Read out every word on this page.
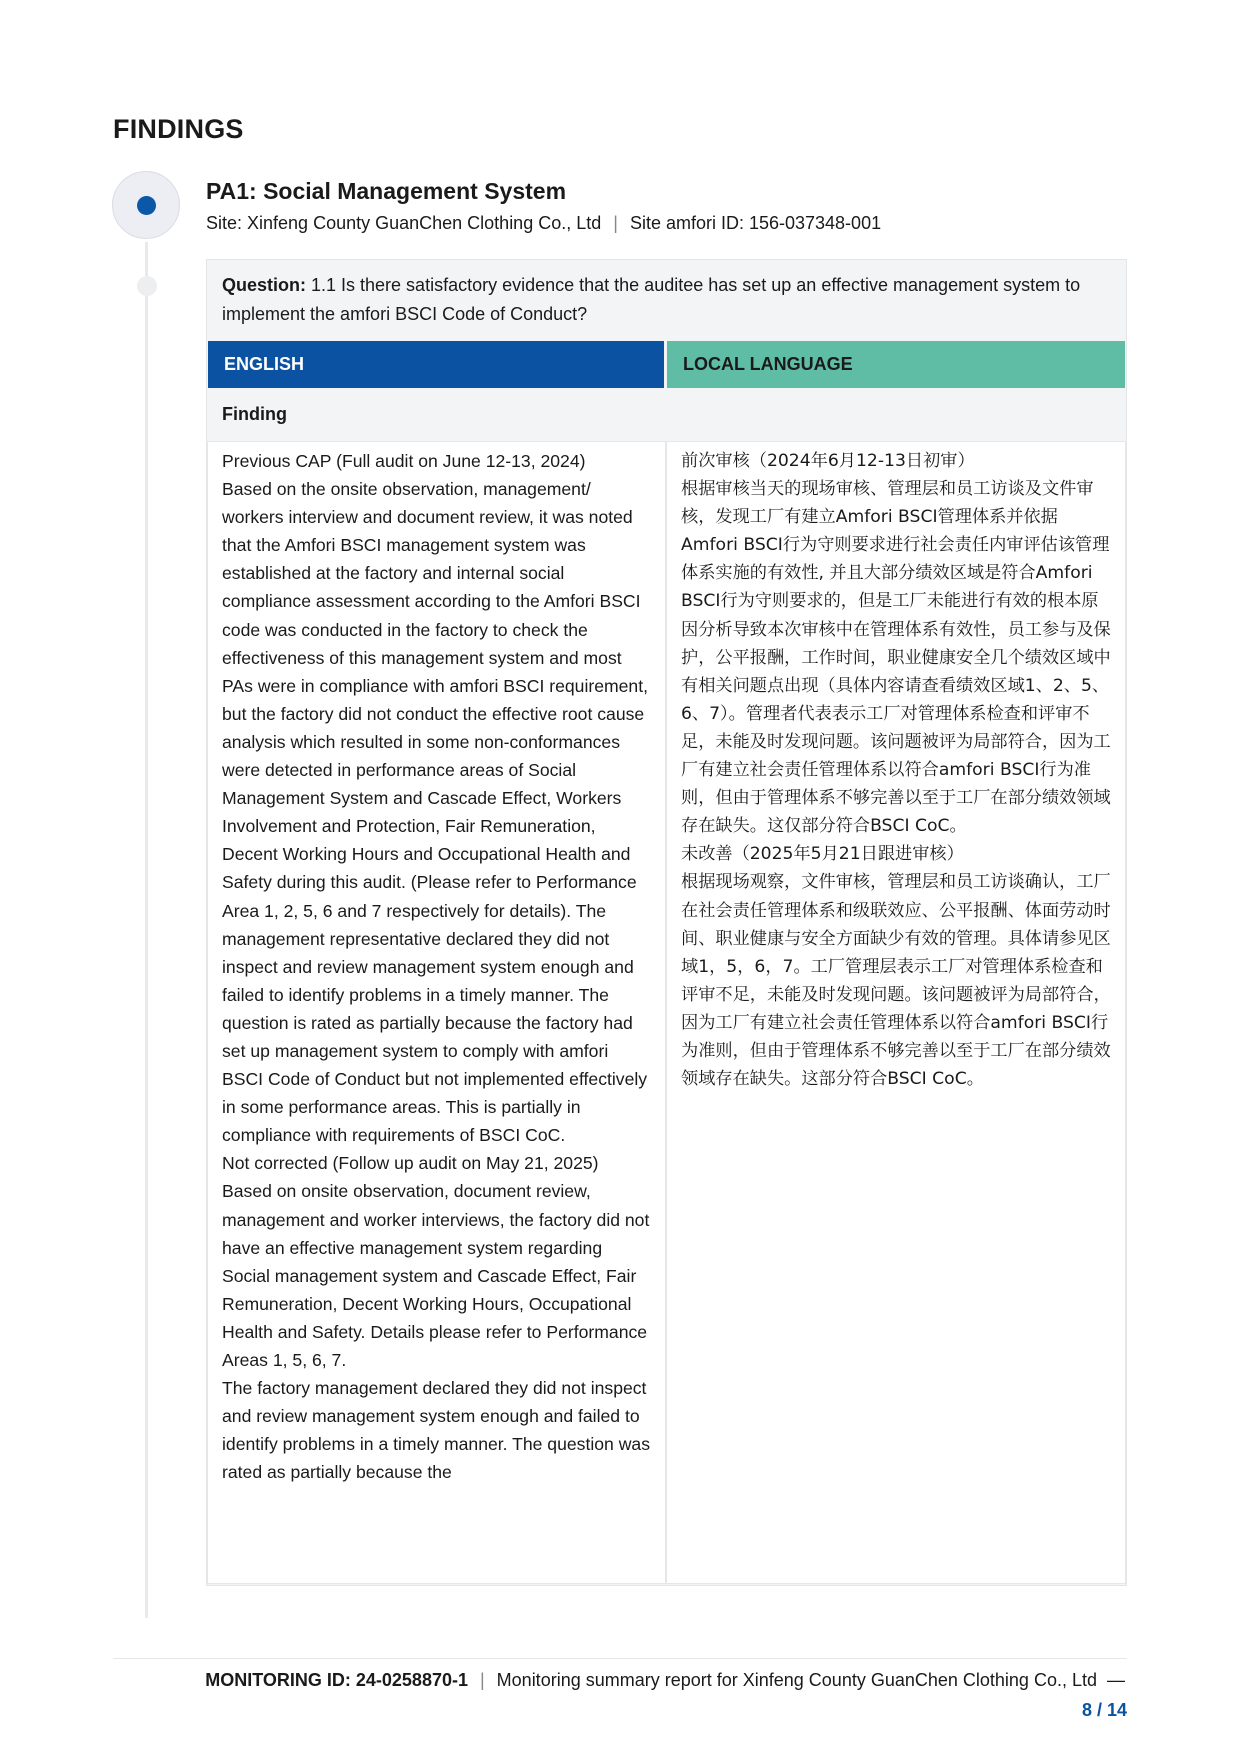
FINDINGS
PA1: Social Management System
Site: Xinfeng County GuanChen Clothing Co., Ltd | Site amfori ID: 156-037348-001
Question: 1.1 Is there satisfactory evidence that the auditee has set up an effective management system to implement the amfori BSCI Code of Conduct?
ENGLISH	LOCAL LANGUAGE
Finding
Previous CAP (Full audit on June 12-13, 2024)
Based on the onsite observation, management/ workers interview and document review, it was noted that the Amfori BSCI management system was established at the factory and internal social compliance assessment according to the Amfori BSCI code was conducted in the factory to check the effectiveness of this management system and most PAs were in compliance with amfori BSCI requirement, but the factory did not conduct the effective root cause analysis which resulted in some non-conformances were detected in performance areas of Social Management System and Cascade Effect, Workers Involvement and Protection, Fair Remuneration, Decent Working Hours and Occupational Health and Safety during this audit. (Please refer to Performance Area 1, 2, 5, 6 and 7 respectively for details). The management representative declared they did not inspect and review management system enough and failed to identify problems in a timely manner. The question is rated as partially because the factory had set up management system to comply with amfori BSCI Code of Conduct but not implemented effectively in some performance areas. This is partially in compliance with requirements of BSCI CoC.
Not corrected (Follow up audit on May 21, 2025)
Based on onsite observation, document review, management and worker interviews, the factory did not have an effective management system regarding Social management system and Cascade Effect, Fair Remuneration, Decent Working Hours, Occupational Health and Safety. Details please refer to Performance Areas 1, 5, 6, 7.
The factory management declared they did not inspect and review management system enough and failed to identify problems in a timely manner. The question was rated as partially because the
前次审核（2024年6月12-13日初审）
根据审核当天的现场审核、管理层和员工访谈及文件审核，发现工厂有建立Amfori BSCI管理体系并依据Amfori BSCI行为守则要求进行社会责任内审评估该管理体系实施的有效性, 并且大部分绩效区域是符合Amfori BSCI行为守则要求的，但是工厂未能进行有效的根本原因分析导致本次审核中在管理体系有效性，员工参与及保护，公平报酬，工作时间，职业健康安全几个绩效区域中有相关问题点出现（具体内容请查看绩效区域1、2、5、6、7）。管理者代表表示工厂对管理体系检查和评审不足，未能及时发现问题。该问题被评为局部符合，因为工厂有建立社会责任管理体系以符合amfori BSCI行为准则，但由于管理体系不够完善以至于工厂在部分绩效领域存在缺失。这仅部分符合BSCI CoC。
未改善（2025年5月21日跟进审核）
根据现场观察，文件审核，管理层和员工访谈确认，工厂在社会责任管理体系和级联效应、公平报酬、体面劳动时间、职业健康与安全方面缺少有效的管理。具体请参见区域1，5，6，7。工厂管理层表示工厂对管理体系检查和评审不足，未能及时发现问题。该问题被评为局部符合，因为工厂有建立社会责任管理体系以符合amfori BSCI行为准则，但由于管理体系不够完善以至于工厂在部分绩效领域存在缺失。这部分符合BSCI CoC。
MONITORING ID: 24-0258870-1 | Monitoring summary report for Xinfeng County GuanChen Clothing Co., Ltd —
8 / 14
